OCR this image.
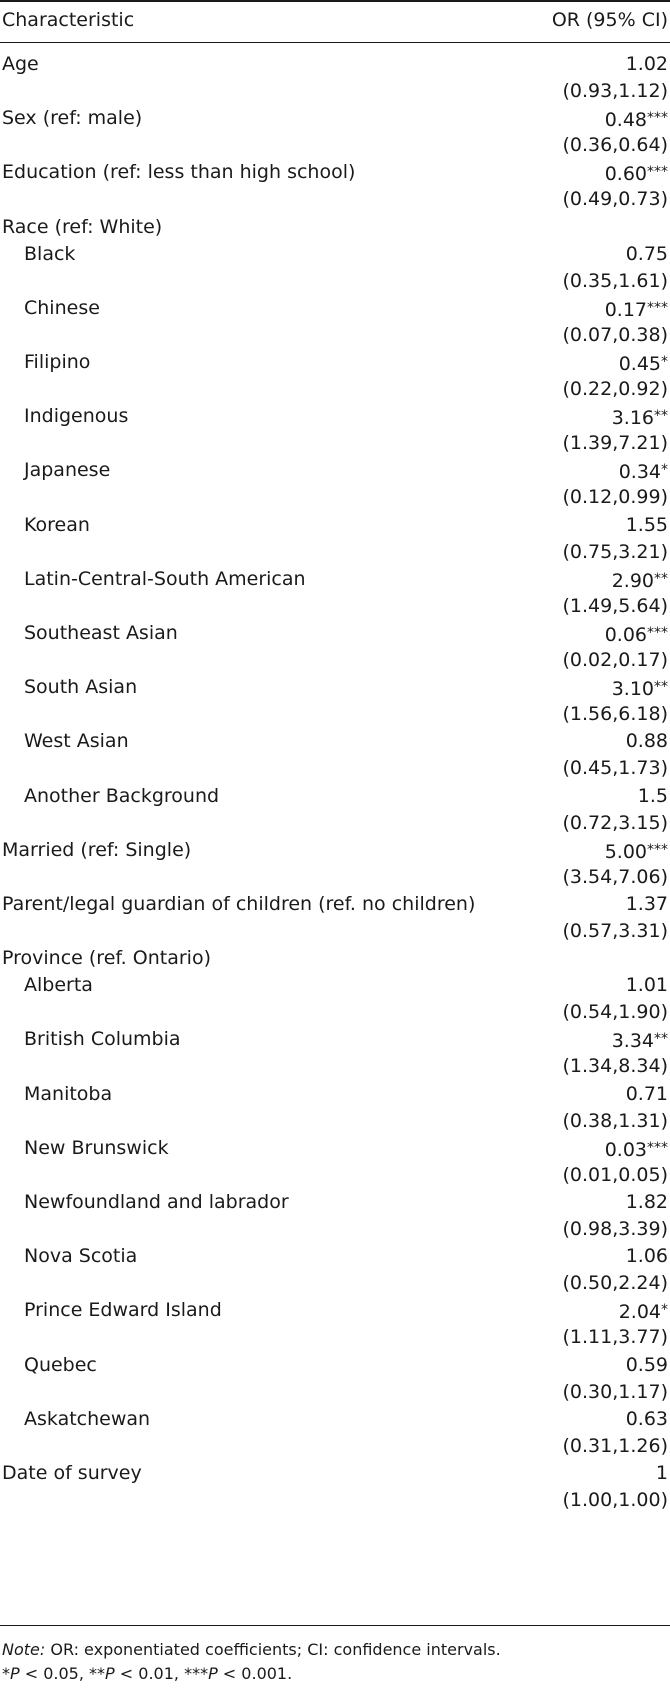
Characteristic	OR (95% CI)
Age	1.02
(0.93,1.12)
Sex (ref: male)	0.48***
(0.36,0.64)
Education (ref: less than high school)	0.60***
(0.49,0.73)
Race (ref: White)
Black	0.75
(0.35,1.61)
Chinese	0.17***
(0.07,0.38)
Filipino	0.45*
(0.22,0.92)
Indigenous	3.16**
(1.39,7.21)
Japanese	0.34*
(0.12,0.99)
Korean	1.55
(0.75,3.21)
Latin-Central-South American	2.90**
(1.49,5.64)
Southeast Asian	0.06***
(0.02,0.17)
South Asian	3.10**
(1.56,6.18)
West Asian	0.88
(0.45,1.73)
Another Background	1.5
(0.72,3.15)
Married (ref: Single)	5.00***
(3.54,7.06)
Parent/legal guardian of children (ref. no children)	1.37
(0.57,3.31)
Province (ref. Ontario)
Alberta	1.01
(0.54,1.90)
British Columbia	3.34**
(1.34,8.34)
Manitoba	0.71
(0.38,1.31)
New Brunswick	0.03***
(0.01,0.05)
Newfoundland and labrador	1.82
(0.98,3.39)
Nova Scotia	1.06
(0.50,2.24)
Prince Edward Island	2.04*
(1.11,3.77)
Quebec	0.59
(0.30,1.17)
Askatchewan	0.63
(0.31,1.26)
Date of survey	1
(1.00,1.00)
Note: OR: exponentiated coefficients; CI: confidence intervals.
*P < 0.05, **P < 0.01, ***P < 0.001.
